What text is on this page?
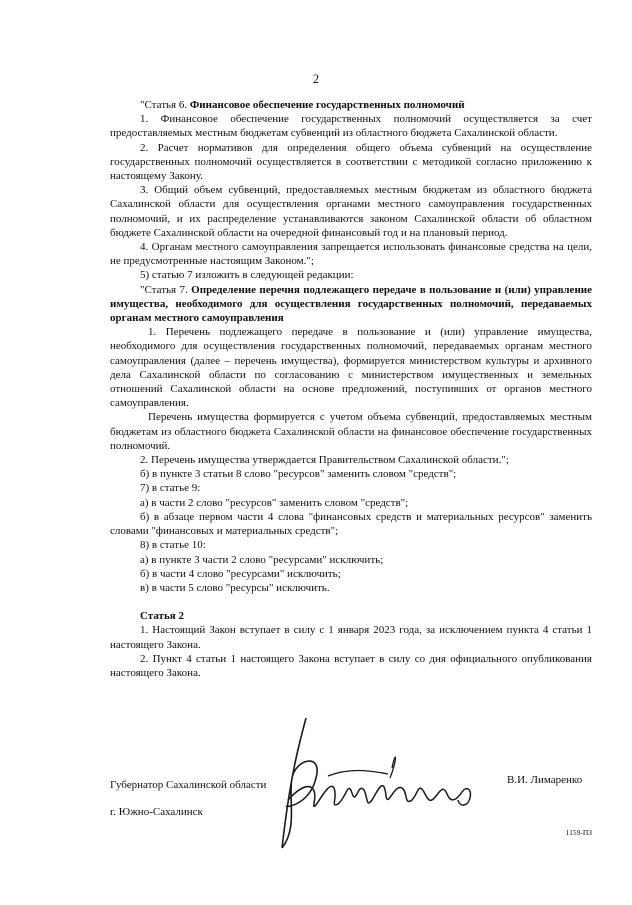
2

"Статья 6. Финансовое обеспечение государственных полномочий

1. Финансовое обеспечение государственных полномочий осуществляется за счет предоставляемых местным бюджетам субвенций из областного бюджета Сахалинской области.

2. Расчет нормативов для определения общего объема субвенций на осуществление государственных полномочий осуществляется в соответствии с методикой согласно приложению к настоящему Закону.

3. Общий объем субвенций, предоставляемых местным бюджетам из областного бюджета Сахалинской области для осуществления органами местного самоуправления государственных полномочий, и их распределение устанавливаются законом Сахалинской области об областном бюджете Сахалинской области на очередной финансовый год и на плановый период.

4. Органам местного самоуправления запрещается использовать финансовые средства на цели, не предусмотренные настоящим Законом.";

5) статью 7 изложить в следующей редакции:

"Статья 7. Определение перечня подлежащего передаче в пользование и (или) управление имущества, необходимого для осуществления государственных полномочий, передаваемых органам местного самоуправления

1. Перечень подлежащего передаче в пользование и (или) управление имущества, необходимого для осуществления государственных полномочий, передаваемых органам местного самоуправления (далее – перечень имущества), формируется министерством культуры и архивного дела Сахалинской области по согласованию с министерством имущественных и земельных отношений Сахалинской области на основе предложений, поступивших от органов местного самоуправления.

Перечень имущества формируется с учетом объема субвенций, предоставляемых местным бюджетам из областного бюджета Сахалинской области на финансовое обеспечение государственных полномочий.

2. Перечень имущества утверждается Правительством Сахалинской области.";

б) в пункте 3 статьи 8 слово "ресурсов" заменить словом "средств";

7) в статье 9:

а) в части 2 слово "ресурсов" заменить словом "средств";

б) в абзаце первом части 4 слова "финансовых средств и материальных ресурсов" заменить словами "финансовых и материальных средств";

8) в статье 10:

а) в пункте 3 части 2 слово "ресурсами" исключить;

б) в части 4 слово "ресурсами" исключить;

в) в части 5 слово "ресурсы" исключить.

Статья 2

1. Настоящий Закон вступает в силу с 1 января 2023 года, за исключением пункта 4 статьи 1 настоящего Закона.

2. Пункт 4 статьи 1 настоящего Закона вступает в силу со дня официального опубликования настоящего Закона.

Губернатор Сахалинской области	В.И. Лимаренко
г. Южно-Сахалинск
1159-ПЗ
